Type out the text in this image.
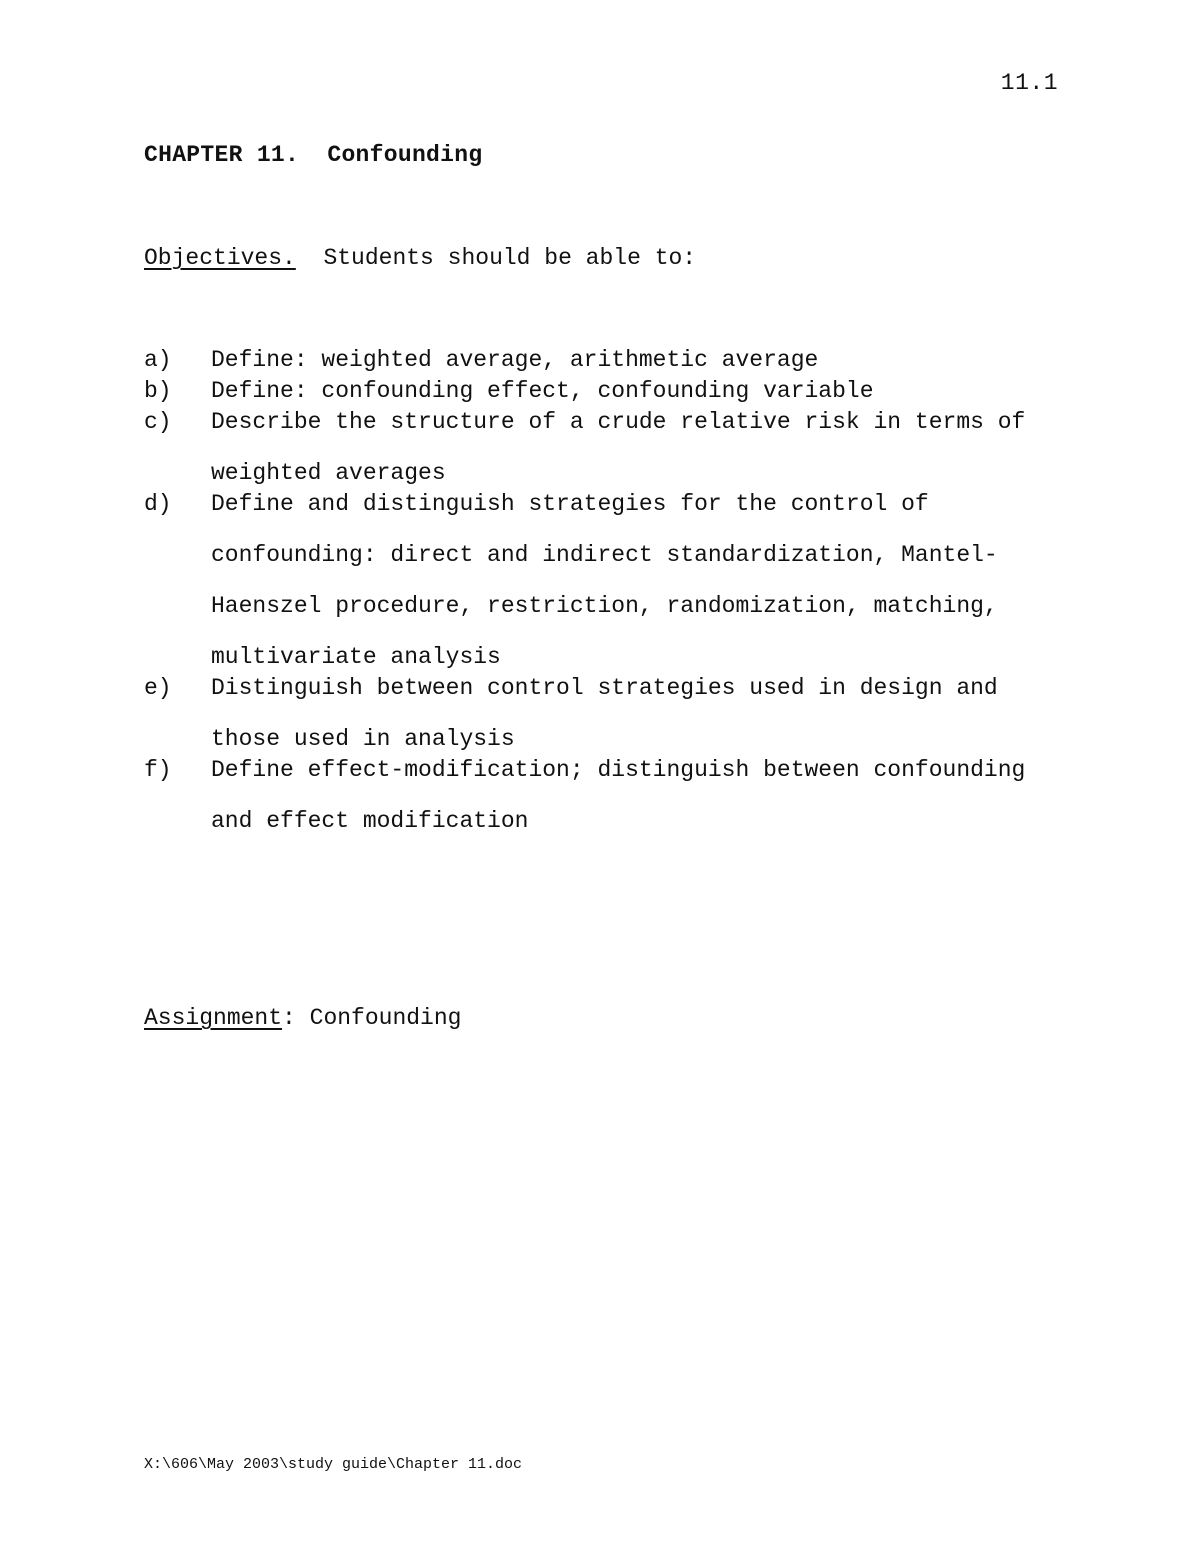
11.1
CHAPTER 11. Confounding
Objectives. Students should be able to:
a)	Define: weighted average, arithmetic average
b)	Define: confounding effect, confounding variable
c)	Describe the structure of a crude relative risk in terms of weighted averages
d)	Define and distinguish strategies for the control of confounding: direct and indirect standardization, Mantel-Haenszel procedure, restriction, randomization, matching, multivariate analysis
e)	Distinguish between control strategies used in design and those used in analysis
f)	Define effect-modification; distinguish between confounding and effect modification
Assignment: Confounding
X:\606\May 2003\study guide\Chapter 11.doc
